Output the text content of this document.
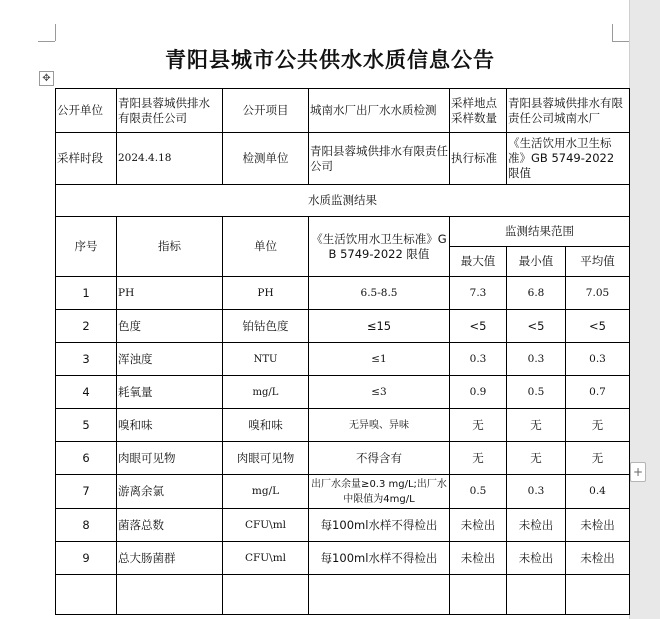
青阳县城市公共供水水质信息公告
✥
公开单位	青阳县蓉城供排水有限责任公司	公开项目	城南水厂出厂水水质检测	采样地点采样数量	青阳县蓉城供排水有限责任公司城南水厂	
采样时段	2024.4.18	检测单位	青阳县蓉城供排水有限责任公司	执行标准	《生活饮用水卫生标准》GB 5749-2022 限值	
水质监测结果						
序号	指标	单位	《生活饮用水卫生标准》GB 5749-2022 限值	监测结果范围		
				最大值	最小值	平均值
1	PH	PH	6.5-8.5	7.3	6.8	7.05
2	色度	铂钴色度	≤15	<5	<5	<5
3	浑浊度	NTU	≤1	0.3	0.3	0.3
4	耗氧量	mg/L	≤3	0.9	0.5	0.7
5	嗅和味	嗅和味	无异嗅、异味	无	无	无
6	肉眼可见物	肉眼可见物	不得含有	无	无	无
7	游离余氯	mg/L	出厂水余量≥0.3 mg/L;出厂水中限值为4mg/L	0.5	0.3	0.4
8	菌落总数	CFU\ml	每100ml水样不得检出	未检出	未检出	未检出
9	总大肠菌群	CFU\ml	每100ml水样不得检出	未检出	未检出	未检出

+
